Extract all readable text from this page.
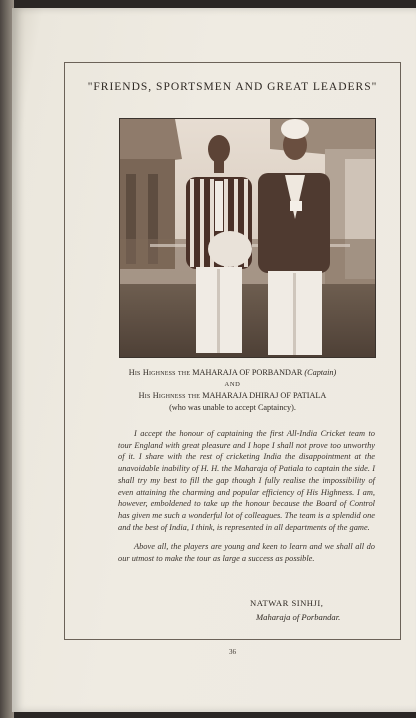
"FRIENDS, SPORTSMEN AND GREAT LEADERS"
His Highness the MAHARAJA OF PORBANDAR (Captain)
AND
His Highness the MAHARAJA DHIRAJ OF PATIALA
(who was unable to accept Captaincy).

I accept the honour of captaining the first All-India Cricket team to tour England with great pleasure and I hope I shall not prove too unworthy of it. I share with the rest of cricketing India the disappointment at the unavoidable inability of H. H. the Maharaja of Patiala to captain the side. I shall try my best to fill the gap though I fully realise the impossibility of even attaining the charming and popular efficiency of His Highness. I am, however, emboldened to take up the honour because the Board of Control has given me such a wonderful lot of colleagues. The team is a splendid one and the best of India, I think, is represented in all departments of the game.

Above all, the players are young and keen to learn and we shall all do our utmost to make the tour as large a success as possible.

NATWAR SINHJI,
Maharaja of Porbandar.
36
